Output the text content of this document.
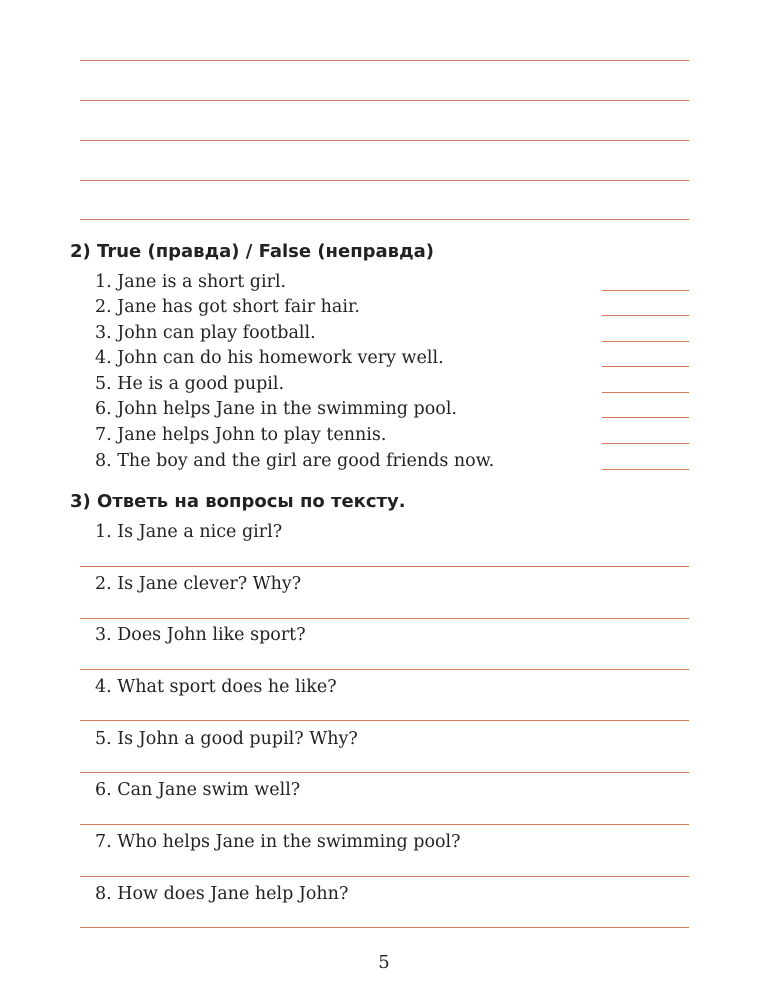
2) True (правда) / False (неправда)
1. Jane is a short girl.
2. Jane has got short fair hair.
3. John can play football.
4. John can do his homework very well.
5. He is a good pupil.
6. John helps Jane in the swimming pool.
7. Jane helps John to play tennis.
8. The boy and the girl are good friends now.
3) Ответь на вопросы по тексту.
1. Is Jane a nice girl?
2. Is Jane clever? Why?
3. Does John like sport?
4. What sport does he like?
5. Is John a good pupil? Why?
6. Can Jane swim well?
7. Who helps Jane in the swimming pool?
8. How does Jane help John?
5
